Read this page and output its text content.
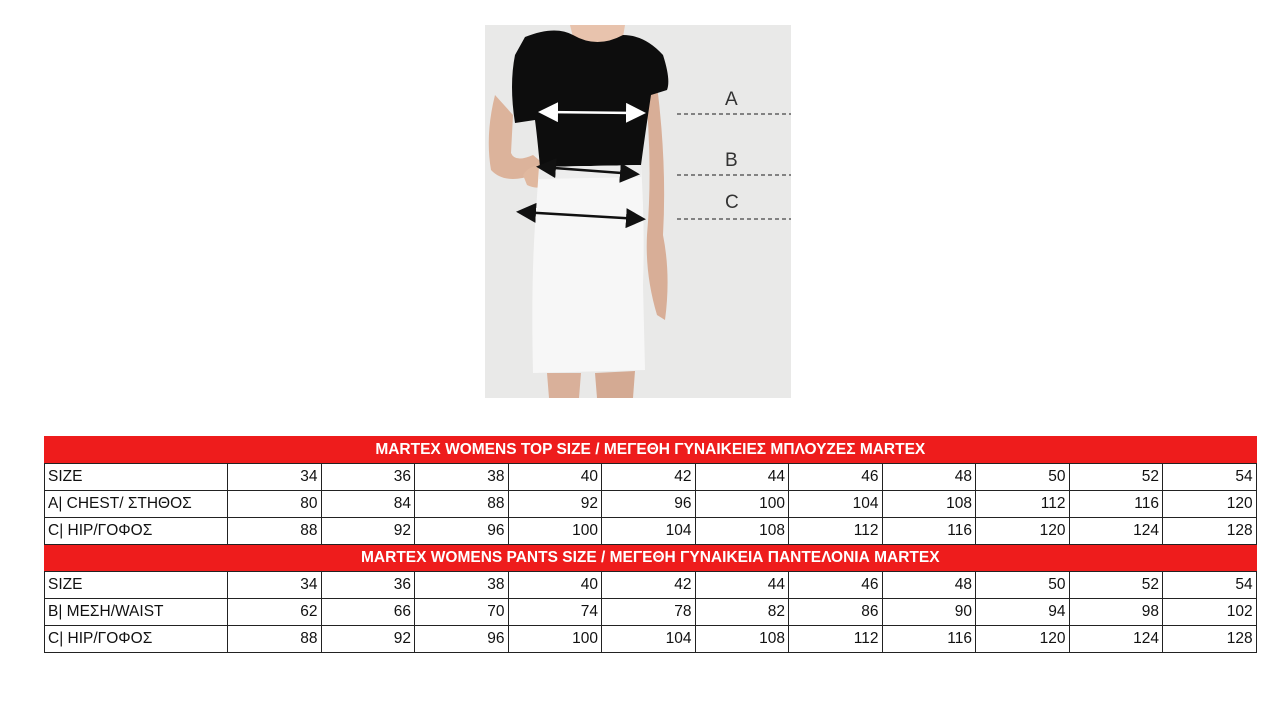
A
B
C
MARTEX WOMENS TOP SIZE / ΜΕΓΕΘΗ ΓΥΝΑΙΚΕΙΕΣ ΜΠΛΟΥΖΕΣ MARTEX											
SIZE	34	36	38	40	42	44	46	48	50	52	54
A| CHEST/ ΣΤΗΘΟΣ	80	84	88	92	96	100	104	108	112	116	120
C| HIP/ΓΟΦΟΣ	88	92	96	100	104	108	112	116	120	124	128
MARTEX WOMENS PANTS SIZE / ΜΕΓΕΘΗ ΓΥΝΑΙΚΕΙΑ ΠΑΝΤΕΛΟΝΙΑ MARTEX											
SIZE	34	36	38	40	42	44	46	48	50	52	54
B| ΜΕΣΗ/WAIST	62	66	70	74	78	82	86	90	94	98	102
C| HIP/ΓΟΦΟΣ	88	92	96	100	104	108	112	116	120	124	128
